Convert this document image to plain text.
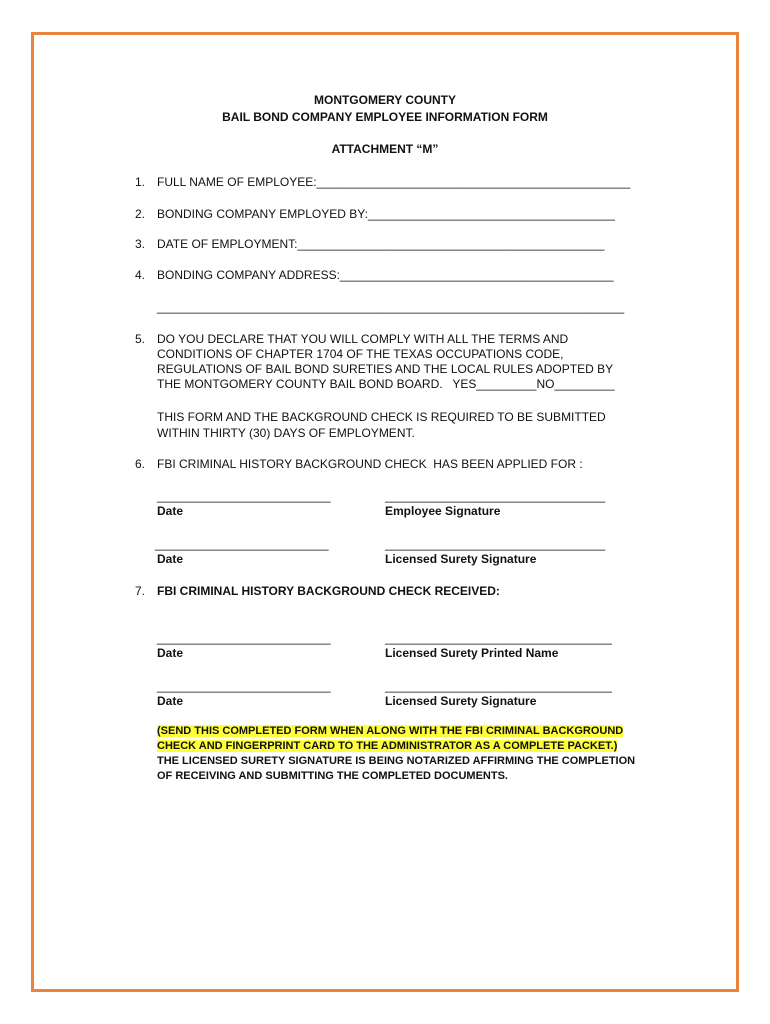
MONTGOMERY COUNTY
BAIL BOND COMPANY EMPLOYEE INFORMATION FORM
ATTACHMENT “M”
1. FULL NAME OF EMPLOYEE:_______________________________________________
2. BONDING COMPANY EMPLOYED BY:_____________________________________
3. DATE OF EMPLOYMENT:______________________________________________
4. BONDING COMPANY ADDRESS:_________________________________________
______________________________________________________________________
5. DO YOU DECLARE THAT YOU WILL COMPLY WITH ALL THE TERMS AND
CONDITIONS OF CHAPTER 1704 OF THE TEXAS OCCUPATIONS CODE,
REGULATIONS OF BAIL BOND SURETIES AND THE LOCAL RULES ADOPTED BY
THE MONTGOMERY COUNTY BAIL BOND BOARD.   YES_________NO_________
THIS FORM AND THE BACKGROUND CHECK IS REQUIRED TO BE SUBMITTED
WITHIN THIRTY (30) DAYS OF EMPLOYMENT.
6. FBI CRIMINAL HISTORY BACKGROUND CHECK  HAS BEEN APPLIED FOR :
__________________________	_________________________________
Date	Employee Signature
__________________________	_________________________________
Date	Licensed Surety Signature
7. FBI CRIMINAL HISTORY BACKGROUND CHECK RECEIVED:
__________________________	__________________________________
Date	Licensed Surety Printed Name
__________________________	__________________________________
Date	Licensed Surety Signature
(SEND THIS COMPLETED FORM WHEN ALONG WITH THE FBI CRIMINAL BACKGROUND
CHECK AND FINGERPRINT CARD TO THE ADMINISTRATOR AS A COMPLETE PACKET.)
THE LICENSED SURETY SIGNATURE IS BEING NOTARIZED AFFIRMING THE COMPLETION
OF RECEIVING AND SUBMITTING THE COMPLETED DOCUMENTS.
